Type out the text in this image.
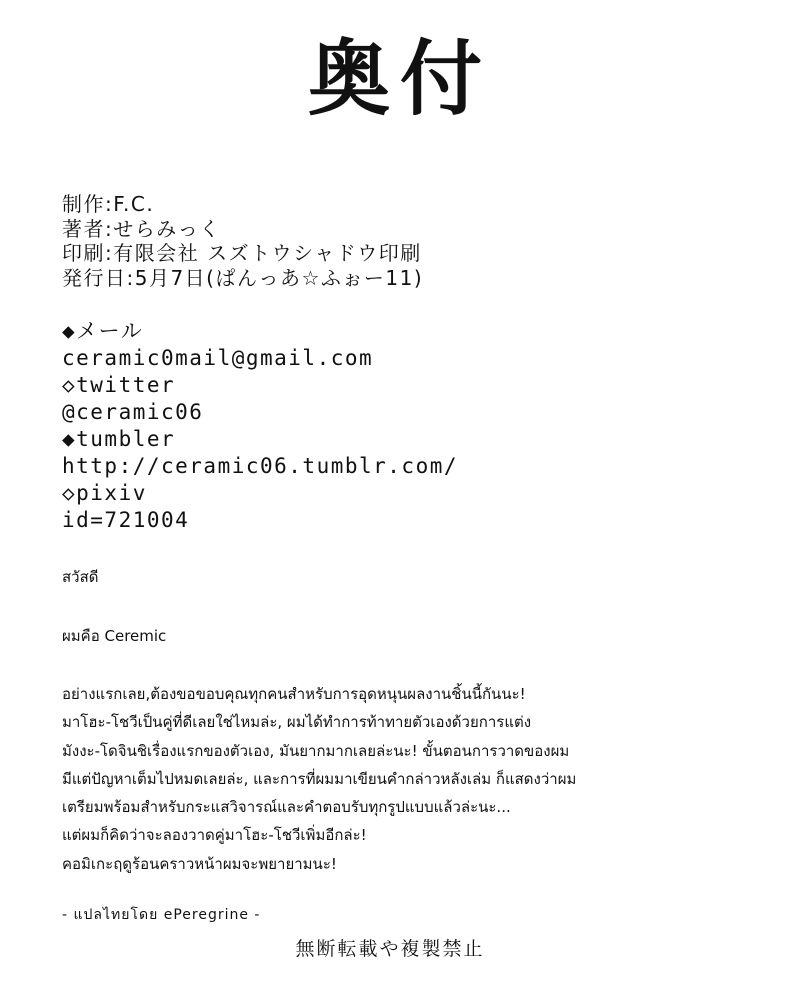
奥付
制作:F.C.
著者:せらみっく
印刷:有限会社 スズトウシャドウ印刷
発行日:5月7日(ぱんっあ☆ふぉー11)
◆メール
ceramic0mail@gmail.com
◇twitter
@ceramic06
◆tumbler
http://ceramic06.tumblr.com/
◇pixiv
id=721004
สวัสดี
ผมคือ Ceremic
อย่างแรกเลย,ต้องขอขอบคุณทุกคนสำหรับการอุดหนุนผลงานชิ้นนี้กันนะ!
มาโฮะ-โชวีเป็นคู่ที่ดีเลยใช่ไหมล่ะ, ผมได้ทำการท้าทายตัวเองด้วยการแต่ง
มังงะ-โดจินชิเรื่องแรกของตัวเอง, มันยากมากเลยล่ะนะ! ขั้นตอนการวาดของผม
มีแต่ปัญหาเต็มไปหมดเลยล่ะ, และการที่ผมมาเขียนคำกล่าวหลังเล่ม ก็แสดงว่าผม
เตรียมพร้อมสำหรับกระแสวิจารณ์และคำตอบรับทุกรูปแบบแล้วล่ะนะ...
แต่ผมก็คิดว่าจะลองวาดคู่มาโฮะ-โชวีเพิ่มอีกล่ะ!
คอมิเกะฤดูร้อนคราวหน้าผมจะพยายามนะ!
- แปลไทยโดย ePeregrine -
無断転載や複製禁止
